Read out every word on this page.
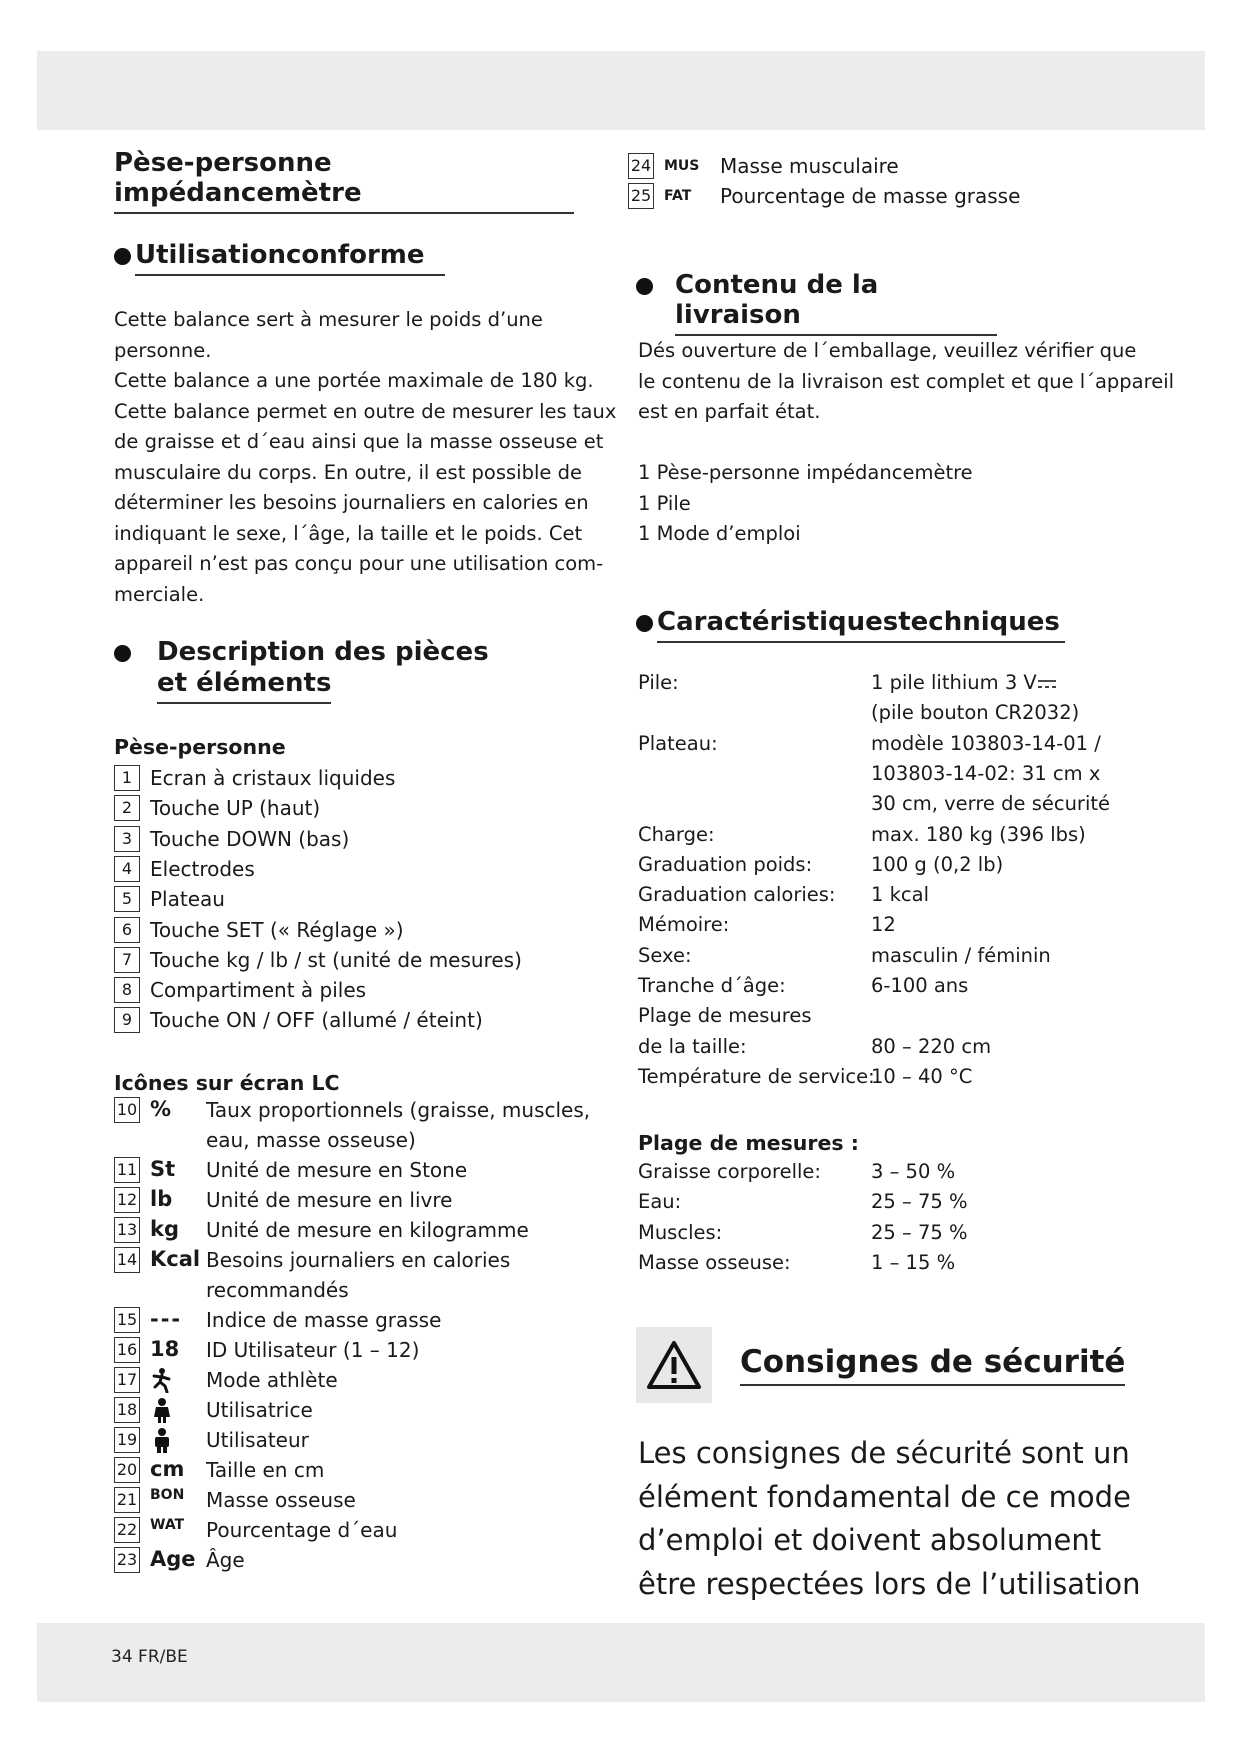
Pèse-personne impédancemètre
Utilisationconforme
Cette balance sert à mesurer le poids d’une personne.
Cette balance a une portée maximale de 180 kg.
Cette balance permet en outre de mesurer les taux
de graisse et d´eau ainsi que la masse osseuse et
musculaire du corps. En outre, il est possible de
déterminer les besoins journaliers en calories en
indiquant le sexe, l´âge, la taille et le poids. Cet
appareil n’est pas conçu pour une utilisation com-
merciale.
Description des pièces
et éléments
Pèse-personne
1 Ecran à cristaux liquides
2 Touche UP (haut)
3 Touche DOWN (bas)
4 Electrodes
5 Plateau
6 Touche SET (« Réglage »)
7 Touche kg / lb / st (unité de mesures)
8 Compartiment à piles
9 Touche ON / OFF (allumé / éteint)
Icônes sur écran LC
10 %	Taux proportionnels (graisse, muscles,
eau, masse osseuse)
11 St	Unité de mesure en Stone
12 lb	Unité de mesure en livre
13 kg	Unité de mesure en kilogramme
14 Kcal Besoins journaliers en calories
recommandés
15 ---	Indice de masse grasse
16 18	ID Utilisateur (1 – 12)
17	Mode athlète
18	Utilisatrice
19	Utilisateur
20 cm	Taille en cm
21 BON	Masse osseuse
22 WAT	Pourcentage d´eau
23 Age Âge
24 MUS	Masse musculaire
25 FAT	Pourcentage de masse grasse
Contenu de la livraison
Dés ouverture de l´emballage, veuillez vérifier que
le contenu de la livraison est complet et que l´appareil
est en parfait état.
1 Pèse-personne impédancemètre
1 Pile
1 Mode d’emploi
Caractéristiquestechniques
Pile:	1 pile lithium 3 V
(pile bouton CR2032)
Plateau:	modèle 103803-14-01 /
103803-14-02: 31 cm x
30 cm, verre de sécurité
Charge:	max. 180 kg (396 lbs)
Graduation poids:	100 g (0,2 lb)
Graduation calories: 1 kcal
Mémoire:	12
Sexe:	masculin / féminin
Tranche d´âge:	6-100 ans
Plage de mesures
de la taille:	80 – 220 cm
Température de service:
10 – 40 °C
Plage de mesures :
Graisse corporelle:	3 – 50 %
Eau:	25 – 75 %
Muscles:	25 – 75 %
Masse osseuse:	1 – 15 %
Consignes de sécurité
Les consignes de sécurité sont un
élément fondamental de ce mode
d’emploi et doivent absolument
être respectées lors de l’utilisation
34 FR/BE
